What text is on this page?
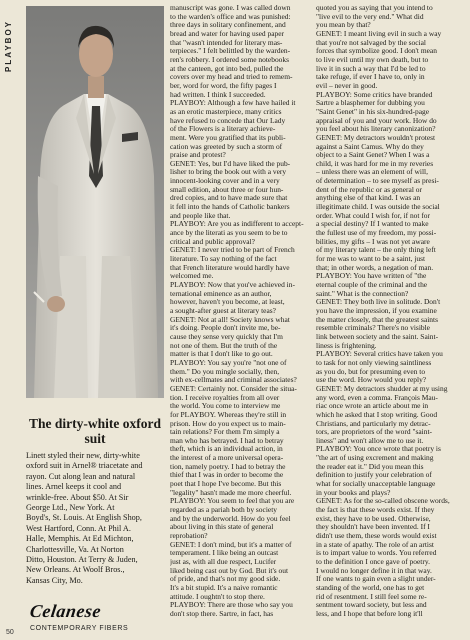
PLAYBOY
50
The dirty-white oxford suit
Linett styled their new, dirty-white
oxford suit in Arnel® triacetate and
rayon. Cut along lean and natural
lines. Arnel keeps it cool and
wrinkle-free. About $50. At Sir
George Ltd., New York. At
Boyd's, St. Louis. At English Shop,
West Hartford, Conn. At Phil A.
Halle, Memphis. At Ed Michton,
Charlottesville, Va. At Norton
Ditto, Houston. At Terry & Juden,
New Orleans. At Woolf Bros.,
Kansas City, Mo.
Celanese
CONTEMPORARY FIBERS
manuscript was gone. I was called down
to the warden's office and was punished:
three days in solitary confinement, and
bread and water for having used paper
that "wasn't intended for literary mas-
terpieces." I felt belittled by the warden-
ren's robbery. I ordered some notebooks
at the canteen, got into bed, pulled the
covers over my head and tried to remem-
ber, word for word, the fifty pages I
had written. I think I succeeded.
PLAYBOY: Although a few have hailed it
as an erotic masterpiece, many critics
have refused to concede that Our Lady
of the Flowers is a literary achieve-
ment. Were you gratified that its publi-
cation was greeted by such a storm of
praise and protest?
GENET: Yes, but I'd have liked the pub-
lisher to bring the book out with a very
innocent-looking cover and in a very
small edition, about three or four hun-
dred copies, and to have made sure that
it fell into the hands of Catholic bankers
and people like that.
PLAYBOY: Are you as indifferent to accept-
ance by the literati as you seem to be to
critical and public approval?
GENET: I never tried to be part of French
literature. To say nothing of the fact
that French literature would hardly have
welcomed me.
PLAYBOY: Now that you've achieved in-
ternational eminence as an author,
however, haven't you become, at least,
a sought-after guest at literary teas?
GENET: Not at all! Society knows what
it's doing. People don't invite me, be-
cause they sense very quickly that I'm
not one of them. But the truth of the
matter is that I don't like to go out.
PLAYBOY: You say you're "not one of
them." Do you mingle socially, then,
with ex-cellmates and criminal associates?
GENET: Certainly not. Consider the situa-
tion. I receive royalties from all over
the world. You come to interview me
for PLAYBOY. Whereas they're still in
prison. How do you expect us to main-
tain relations? For them I'm simply a
man who has betrayed. I had to betray
theft, which is an individual action, in
the interest of a more universal opera-
tion, namely poetry. I had to betray the
thief that I was in order to become the
poet that I hope I've become. But this
"legality" hasn't made me more cheerful.
PLAYBOY: You seem to feel that you are
regarded as a pariah both by society
and by the underworld. How do you feel
about living in this state of general
reprobation?
GENET: I don't mind, but it's a matter of
temperament. I like being an outcast
just as, with all due respect, Lucifer
liked being cast out by God. But it's out
of pride, and that's not my good side.
It's a bit stupid. It's a naive romantic
attitude. I oughtn't to stop there.
PLAYBOY: There are those who say you
don't stop there. Sartre, in fact, has
quoted you as saying that you intend to
"live evil to the very end." What did
you mean by that?
GENET: I meant living evil in such a way
that you're not salvaged by the social
forces that symbolize good. I don't mean
to live evil until my own death, but to
live it in such a way that I'd be led to
take refuge, if ever I have to, only in
evil – never in good.
PLAYBOY: Some critics have branded
Sartre a blasphemer for dubbing you
"Saint Genet" in his six-hundred-page
appraisal of you and your work. How do
you feel about his literary canonization?
GENET: My detractors wouldn't protest
against a Saint Camus. Why do they
object to a Saint Genet? When I was a
child, it was hard for me in my reveries
– unless there was an element of will,
of determination – to see myself as presi-
dent of the republic or as general or
anything else of that kind. I was an
illegitimate child. I was outside the social
order. What could I wish for, if not for
a special destiny? If I wanted to make
the fullest use of my freedom, my possi-
bilities, my gifts – I was not yet aware
of my literary talent – the only thing left
for me was to want to be a saint, just
that; in other words, a negation of man.
PLAYBOY: You have written of "the
eternal couple of the criminal and the
saint." What is the connection?
GENET: They both live in solitude. Don't
you have the impression, if you examine
the matter closely, that the greatest saints
resemble criminals? There's no visible
link between society and the saint. Saint-
liness is frightening.
PLAYBOY: Several critics have taken you
to task for not only viewing saintliness
as you do, but for presuming even to
use the word. How would you reply?
GENET: My detractors shudder at my using
any word, even a comma. François Mau-
riac once wrote an article about me in
which he asked that I stop writing. Good
Christians, and particularly my detrac-
tors, are proprietors of the word "saint-
liness" and won't allow me to use it.
PLAYBOY: You once wrote that poetry is
"the art of using excrement and making
the reader eat it." Did you mean this
definition to justify your celebration of
what for socially unacceptable language
in your books and plays?
GENET: As for the so-called obscene words,
the fact is that these words exist. If they
exist, they have to be used. Otherwise,
they shouldn't have been invented. If I
didn't use them, these words would exist
in a state of apathy. The role of an artist
is to impart value to words. You referred
to the definition I once gave of poetry.
I would no longer define it in that way.
If one wants to gain even a slight under-
standing of the world, one has to get
rid of resentment. I still feel some re-
sentment toward society, but less and
less, and I hope that before long it'll
